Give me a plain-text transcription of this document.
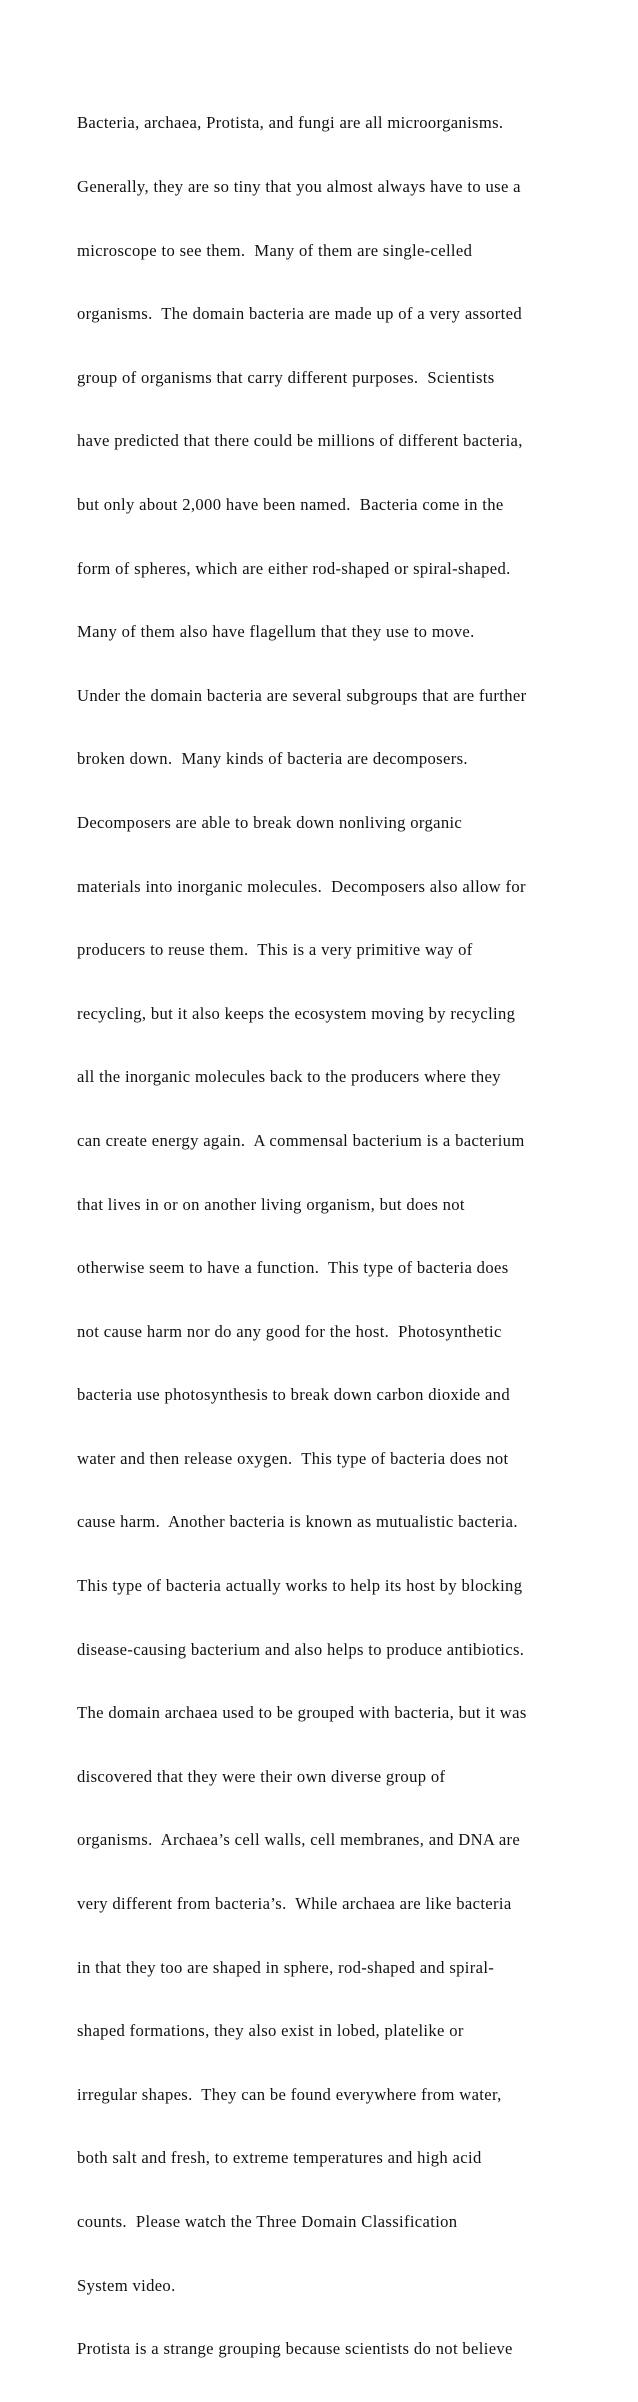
Bacteria, archaea, Protista, and fungi are all microorganisms.

Generally, they are so tiny that you almost always have to use a

microscope to see them.  Many of them are single-celled

organisms.  The domain bacteria are made up of a very assorted

group of organisms that carry different purposes.  Scientists

have predicted that there could be millions of different bacteria,

but only about 2,000 have been named.  Bacteria come in the

form of spheres, which are either rod-shaped or spiral-shaped.

Many of them also have flagellum that they use to move.

Under the domain bacteria are several subgroups that are further

broken down.  Many kinds of bacteria are decomposers.

Decomposers are able to break down nonliving organic

materials into inorganic molecules.  Decomposers also allow for

producers to reuse them.  This is a very primitive way of

recycling, but it also keeps the ecosystem moving by recycling

all the inorganic molecules back to the producers where they

can create energy again.  A commensal bacterium is a bacterium

that lives in or on another living organism, but does not

otherwise seem to have a function.  This type of bacteria does

not cause harm nor do any good for the host.  Photosynthetic

bacteria use photosynthesis to break down carbon dioxide and

water and then release oxygen.  This type of bacteria does not

cause harm.  Another bacteria is known as mutualistic bacteria.

This type of bacteria actually works to help its host by blocking

disease-causing bacterium and also helps to produce antibiotics.

The domain archaea used to be grouped with bacteria, but it was

discovered that they were their own diverse group of

organisms.  Archaea’s cell walls, cell membranes, and DNA are

very different from bacteria’s.  While archaea are like bacteria

in that they too are shaped in sphere, rod-shaped and spiral-

shaped formations, they also exist in lobed, platelike or

irregular shapes.  They can be found everywhere from water,

both salt and fresh, to extreme temperatures and high acid

counts.  Please watch the Three Domain Classification

System video.

Protista is a strange grouping because scientists do not believe
